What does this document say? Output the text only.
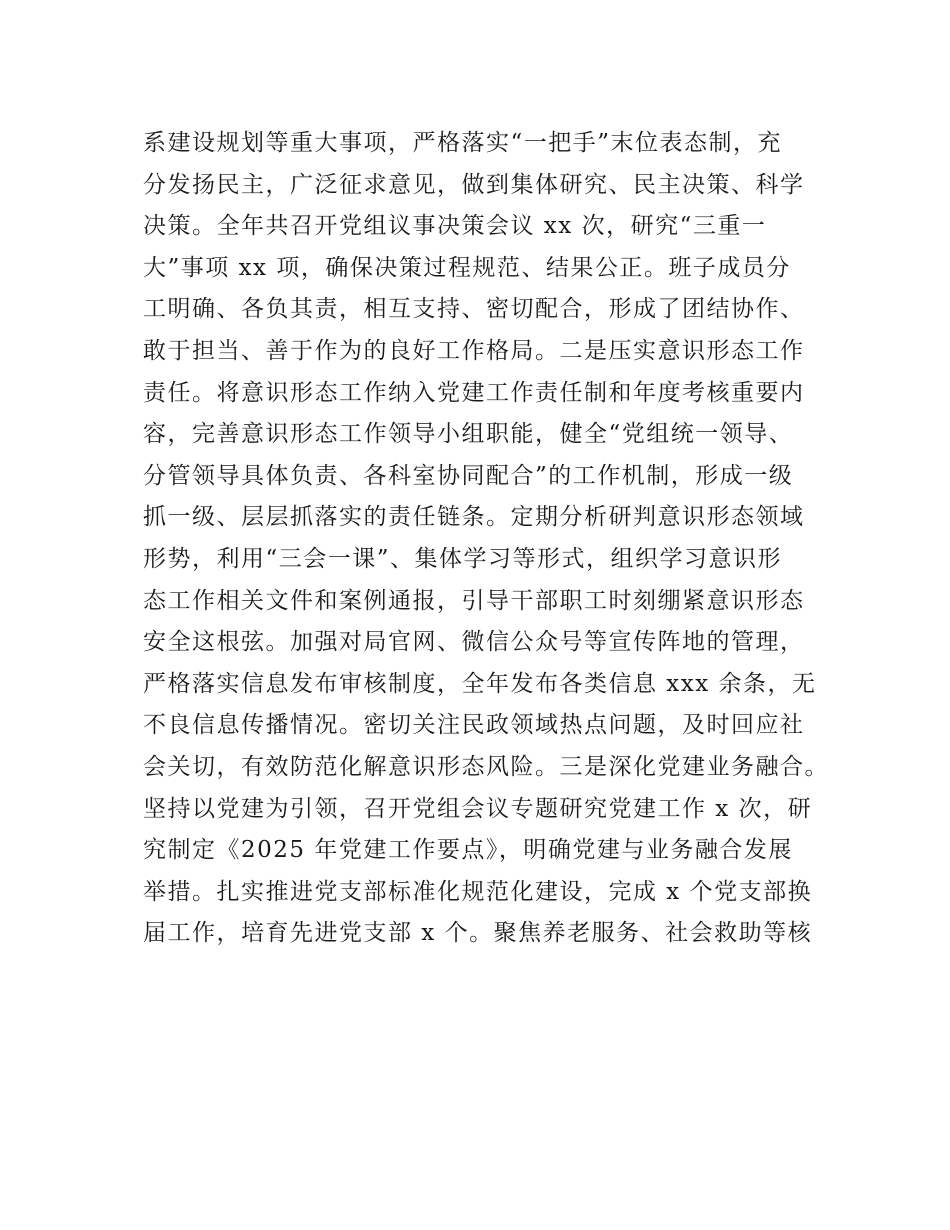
系建设规划等重大事项，严格落实“一把手”末位表态制，充
分发扬民主，广泛征求意见，做到集体研究、民主决策、科学
决策。全年共召开党组议事决策会议 xx 次，研究“三重一
大”事项 xx 项，确保决策过程规范、结果公正。班子成员分
工明确、各负其责，相互支持、密切配合，形成了团结协作、
敢于担当、善于作为的良好工作格局。二是压实意识形态工作
责任。将意识形态工作纳入党建工作责任制和年度考核重要内
容，完善意识形态工作领导小组职能，健全“党组统一领导、
分管领导具体负责、各科室协同配合”的工作机制，形成一级
抓一级、层层抓落实的责任链条。定期分析研判意识形态领域
形势，利用“三会一课”、集体学习等形式，组织学习意识形
态工作相关文件和案例通报，引导干部职工时刻绷紧意识形态
安全这根弦。加强对局官网、微信公众号等宣传阵地的管理，
严格落实信息发布审核制度，全年发布各类信息 xxx 余条，无
不良信息传播情况。密切关注民政领域热点问题，及时回应社
会关切，有效防范化解意识形态风险。三是深化党建业务融合。
坚持以党建为引领，召开党组会议专题研究党建工作 x 次，研
究制定《2025 年党建工作要点》，明确党建与业务融合发展
举措。扎实推进党支部标准化规范化建设，完成 x 个党支部换
届工作，培育先进党支部 x 个。聚焦养老服务、社会救助等核
